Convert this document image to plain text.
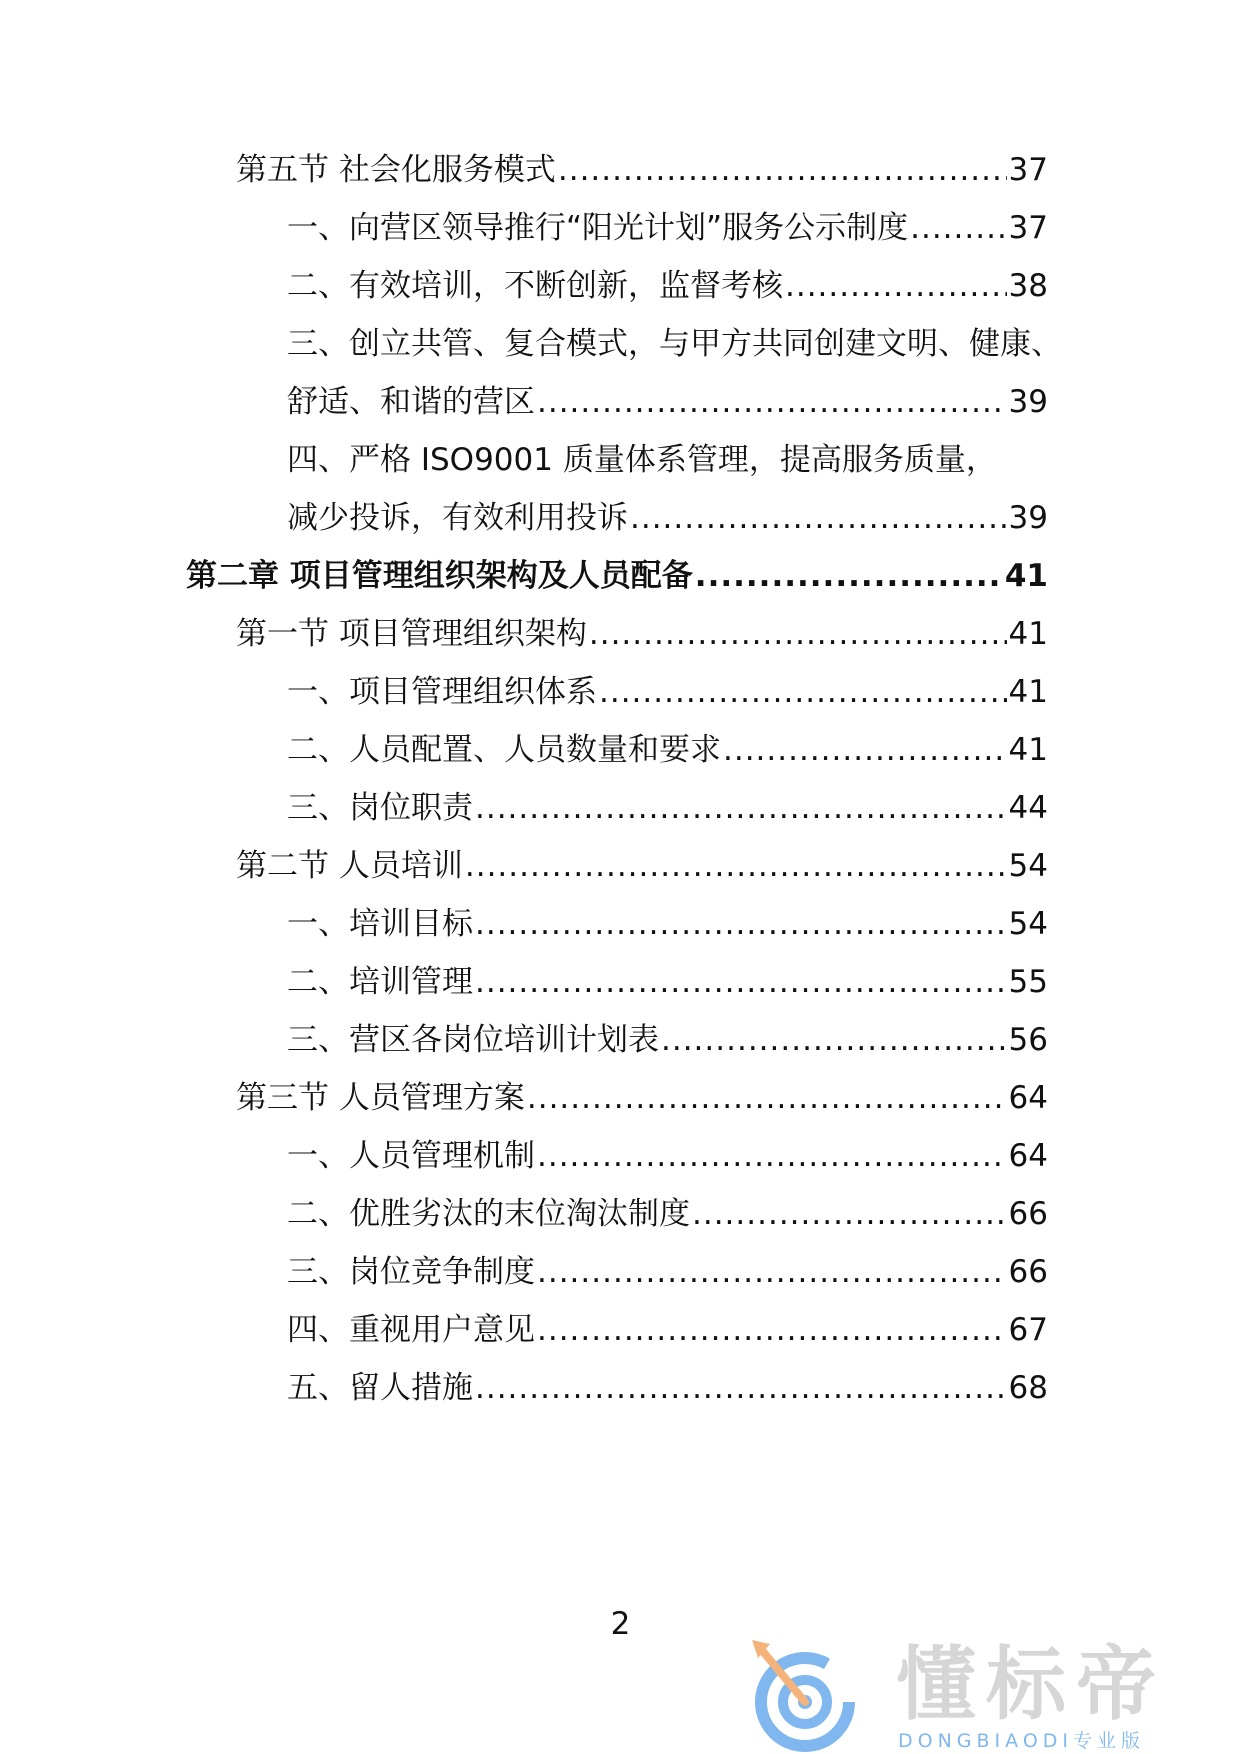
第五节 社会化服务模式 .....	37
一、向营区领导推行“阳光计划”服务公示制度 .....	37
二、有效培训，不断创新，监督考核 .....	38
三、创立共管、复合模式，与甲方共同创建文明、健康、
舒适、和谐的营区 .....	39
四、严格 ISO9001 质量体系管理，提高服务质量，
减少投诉，有效利用投诉 .....	39
第二章 项目管理组织架构及人员配备 .....	41
第一节 项目管理组织架构 .....	41
一、项目管理组织体系 .....	41
二、人员配置、人员数量和要求 .....	41
三、岗位职责 .....	44
第二节 人员培训 .....	54
一、培训目标 .....	54
二、培训管理 .....	55
三、营区各岗位培训计划表 .....	56
第三节 人员管理方案 .....	64
一、人员管理机制 .....	64
二、优胜劣汰的末位淘汰制度 .....	66
三、岗位竞争制度 .....	66
四、重视用户意见 .....	67
五、留人措施 .....	68
2
懂标帝
DONGBIAODI专业版
